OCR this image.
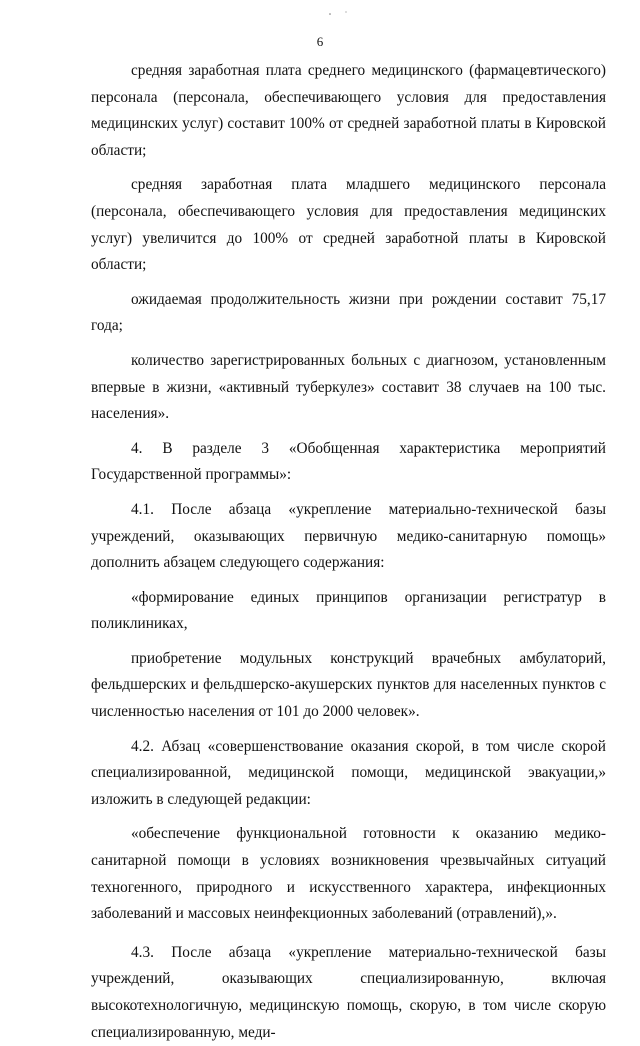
6

средняя заработная плата среднего медицинского (фармацевтического) персонала (персонала, обеспечивающего условия для предоставления медицинских услуг) составит 100% от средней заработной платы в Кировской области;

средняя заработная плата младшего медицинского персонала (персонала, обеспечивающего условия для предоставления медицинских услуг) увеличится до 100% от средней заработной платы в Кировской области;

ожидаемая продолжительность жизни при рождении составит 75,17 года;

количество зарегистрированных больных с диагнозом, установленным впервые в жизни, «активный туберкулез» составит 38 случаев на 100 тыс. населения».

4. В разделе 3 «Обобщенная характеристика мероприятий Государственной программы»:

4.1. После абзаца «укрепление материально-технической базы учреждений, оказывающих первичную медико-санитарную помощь» дополнить абзацем следующего содержания:

«формирование единых принципов организации регистратур в поликлиниках,

приобретение модульных конструкций врачебных амбулаторий, фельдшерских и фельдшерско-акушерских пунктов для населенных пунктов с численностью населения от 101 до 2000 человек».

4.2. Абзац «совершенствование оказания скорой, в том числе скорой специализированной, медицинской помощи, медицинской эвакуации,» изложить в следующей редакции:

«обеспечение функциональной готовности к оказанию медико-санитарной помощи в условиях возникновения чрезвычайных ситуаций техногенного, природного и искусственного характера, инфекционных заболеваний и массовых неинфекционных заболеваний (отравлений),».

4.3. После абзаца «укрепление материально-технической базы учреждений, оказывающих специализированную, включая высокотехнологичную, медицинскую помощь, скорую, в том числе скорую специализированную, меди-
